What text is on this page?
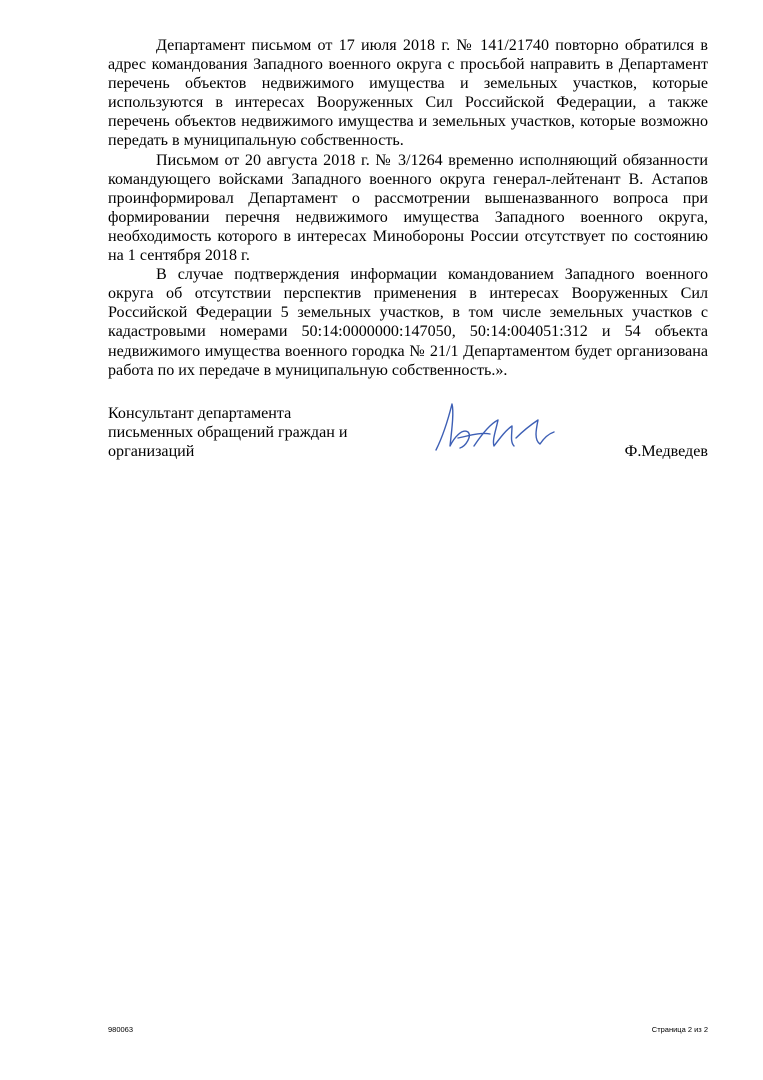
Департамент письмом от 17 июля 2018 г. № 141/21740 повторно обратился в адрес командования Западного военного округа с просьбой направить в Департамент перечень объектов недвижимого имущества и земельных участков, которые используются в интересах Вооруженных Сил Российской Федерации, а также перечень объектов недвижимого имущества и земельных участков, которые возможно передать в муниципальную собственность.

Письмом от 20 августа 2018 г. № 3/1264 временно исполняющий обязанности командующего войсками Западного военного округа генерал-лейтенант В. Астапов проинформировал Департамент о рассмотрении вышеназванного вопроса при формировании перечня недвижимого имущества Западного военного округа, необходимость которого в интересах Минобороны России отсутствует по состоянию на 1 сентября 2018 г.

В случае подтверждения информации командованием Западного военного округа об отсутствии перспектив применения в интересах Вооруженных Сил Российской Федерации 5 земельных участков, в том числе земельных участков с кадастровыми номерами 50:14:0000000:147050, 50:14:004051:312 и 54 объекта недвижимого имущества военного городка № 21/1 Департаментом будет организована работа по их передаче в муниципальную собственность.».

Консультант департамента
письменных обращений граждан и
организаций	Ф.Медведев
980063	Страница 2 из 2
